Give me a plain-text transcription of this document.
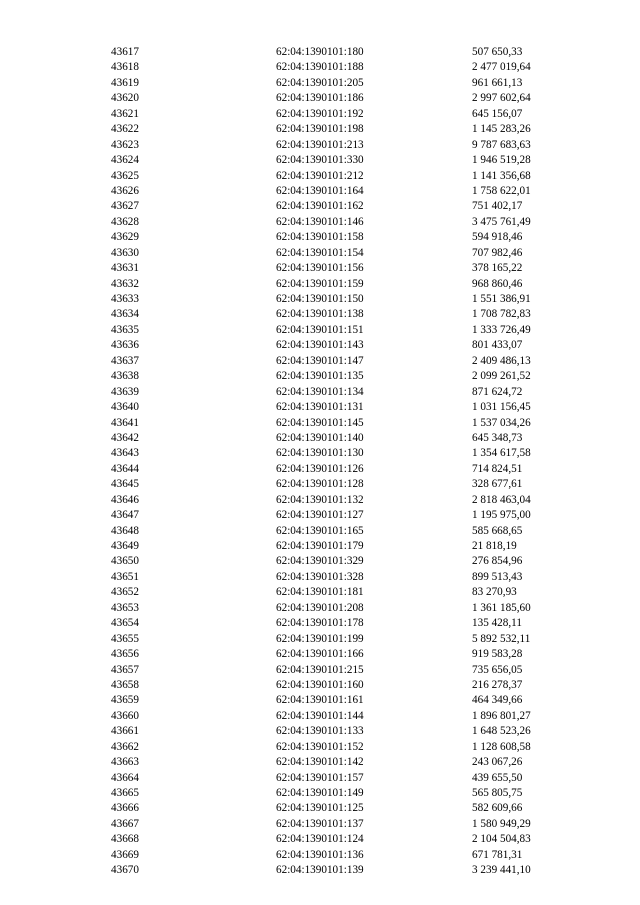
43617	62:04:1390101:180	507 650,33
43618	62:04:1390101:188	2 477 019,64
43619	62:04:1390101:205	961 661,13
43620	62:04:1390101:186	2 997 602,64
43621	62:04:1390101:192	645 156,07
43622	62:04:1390101:198	1 145 283,26
43623	62:04:1390101:213	9 787 683,63
43624	62:04:1390101:330	1 946 519,28
43625	62:04:1390101:212	1 141 356,68
43626	62:04:1390101:164	1 758 622,01
43627	62:04:1390101:162	751 402,17
43628	62:04:1390101:146	3 475 761,49
43629	62:04:1390101:158	594 918,46
43630	62:04:1390101:154	707 982,46
43631	62:04:1390101:156	378 165,22
43632	62:04:1390101:159	968 860,46
43633	62:04:1390101:150	1 551 386,91
43634	62:04:1390101:138	1 708 782,83
43635	62:04:1390101:151	1 333 726,49
43636	62:04:1390101:143	801 433,07
43637	62:04:1390101:147	2 409 486,13
43638	62:04:1390101:135	2 099 261,52
43639	62:04:1390101:134	871 624,72
43640	62:04:1390101:131	1 031 156,45
43641	62:04:1390101:145	1 537 034,26
43642	62:04:1390101:140	645 348,73
43643	62:04:1390101:130	1 354 617,58
43644	62:04:1390101:126	714 824,51
43645	62:04:1390101:128	328 677,61
43646	62:04:1390101:132	2 818 463,04
43647	62:04:1390101:127	1 195 975,00
43648	62:04:1390101:165	585 668,65
43649	62:04:1390101:179	21 818,19
43650	62:04:1390101:329	276 854,96
43651	62:04:1390101:328	899 513,43
43652	62:04:1390101:181	83 270,93
43653	62:04:1390101:208	1 361 185,60
43654	62:04:1390101:178	135 428,11
43655	62:04:1390101:199	5 892 532,11
43656	62:04:1390101:166	919 583,28
43657	62:04:1390101:215	735 656,05
43658	62:04:1390101:160	216 278,37
43659	62:04:1390101:161	464 349,66
43660	62:04:1390101:144	1 896 801,27
43661	62:04:1390101:133	1 648 523,26
43662	62:04:1390101:152	1 128 608,58
43663	62:04:1390101:142	243 067,26
43664	62:04:1390101:157	439 655,50
43665	62:04:1390101:149	565 805,75
43666	62:04:1390101:125	582 609,66
43667	62:04:1390101:137	1 580 949,29
43668	62:04:1390101:124	2 104 504,83
43669	62:04:1390101:136	671 781,31
43670	62:04:1390101:139	3 239 441,10
